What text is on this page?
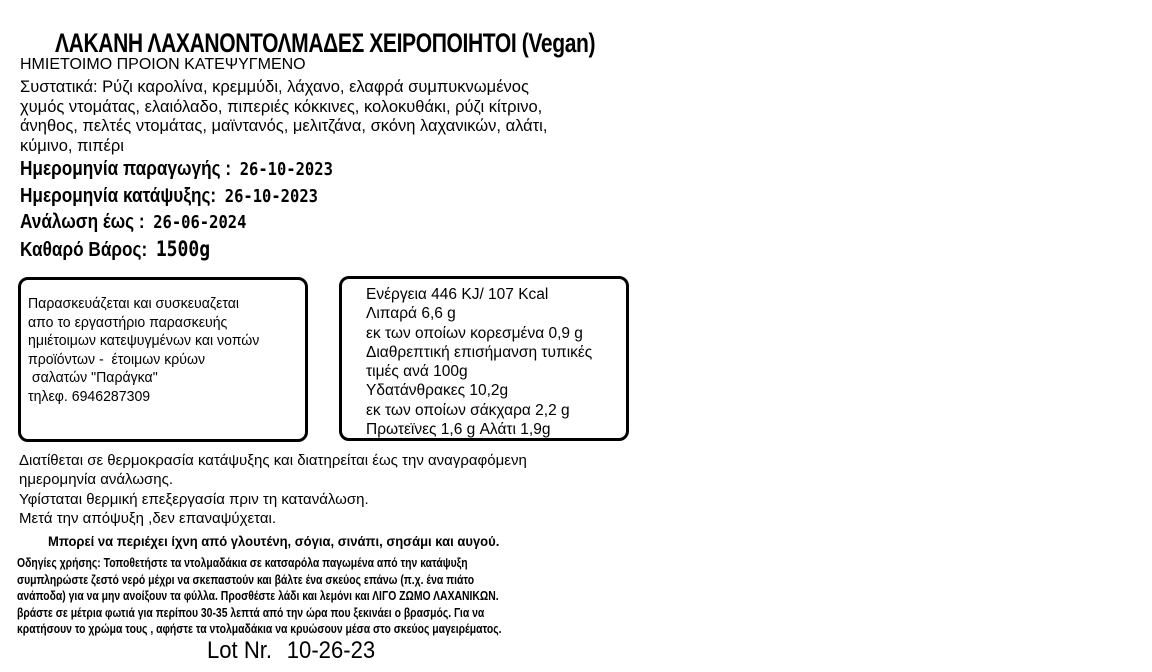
ΛΑΚΑΝΗ ΛΑΧΑΝΟΝΤΟΛΜΑΔΕΣ ΧΕΙΡΟΠΟΙΗΤΟΙ (Vegan)
ΗΜΙΕΤΟΙΜΟ ΠΡΟΙΟΝ ΚΑΤΕΨΥΓΜΕΝΟ
Συστατικά: Ρύζι καρολίνα, κρεμμύδι, λάχανο, ελαφρά συμπυκνωμένος
χυμός ντομάτας, ελαιόλαδο, πιπεριές κόκκινες, κολοκυθάκι, ρύζι κίτρινο,
άνηθος, πελτές ντομάτας, μαϊντανός, μελιτζάνα, σκόνη λαχανικών, αλάτι,
κύμινο, πιπέρι
Ημερομηνία παραγωγής : 26-10-2023
Ημερομηνία κατάψυξης: 26-10-2023
Ανάλωση έως : 26-06-2024
Καθαρό Βάρος: 1500g
Παρασκευάζεται και συσκευαζεται
απο το εργαστήριο παρασκευής
ημιέτοιμων κατεψυγμένων και νοπών
προϊόντων -  έτοιμων κρύων
σαλατών "Παράγκα"
τηλεφ. 6946287309
Ενέργεια 446 KJ/ 107 Kcal
Λιπαρά 6,6 g
εκ των οποίων κορεσμένα 0,9 g
Διαθρεπτική επισήμανση τυπικές
τιμές ανά 100g
Υδατάνθρακες 10,2g
εκ των οποίων σάκχαρα 2,2 g
Πρωτεϊνες 1,6 g Αλάτι 1,9g
Διατίθεται σε θερμοκρασία κατάψυξης και διατηρείται έως την αναγραφόμενη
ημερομηνία ανάλωσης.
Υφίσταται θερμική επεξεργασία πριν τη κατανάλωση.
Μετά την απόψυξη ,δεν επαναψύχεται.
Μπορεί να περιέχει ίχνη από γλουτένη, σόγια, σινάπι, σησάμι και αυγού.
Οδηγίες χρήσης: Τοποθετήστε τα ντολμαδάκια σε κατσαρόλα παγωμένα από την κατάψυξη
συμπληρώστε ζεστό νερό μέχρι να σκεπαστούν και βάλτε ένα σκεύος επάνω (π.χ. ένα πιάτο
ανάποδα) για να μην ανοίξουν τα φύλλα. Προσθέστε λάδι και λεμόνι και ΛΙΓΟ ΖΩΜΟ ΛΑΧΑΝΙΚΩΝ.
βράστε σε μέτρια φωτιά για περίπου 30-35 λεπτά από την ώρα που ξεκινάει ο βρασμός. Για να
κρατήσουν το χρώμα τους , αφήστε τα ντολμαδάκια να κρυώσουν μέσα στο σκεύος μαγειρέματος.
Lot Nr. 10-26-23
